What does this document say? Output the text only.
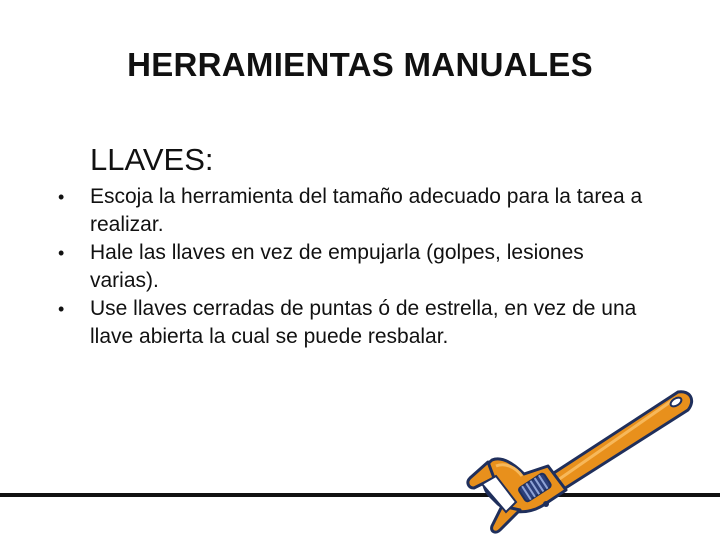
HERRAMIENTAS MANUALES
LLAVES:
•	Escoja la herramienta del tamaño adecuado para la tarea a realizar.
•	Hale las llaves en vez de empujarla (golpes, lesiones varias).
•	Use llaves cerradas de puntas ó de estrella, en vez de una llave abierta la cual se puede resbalar.
